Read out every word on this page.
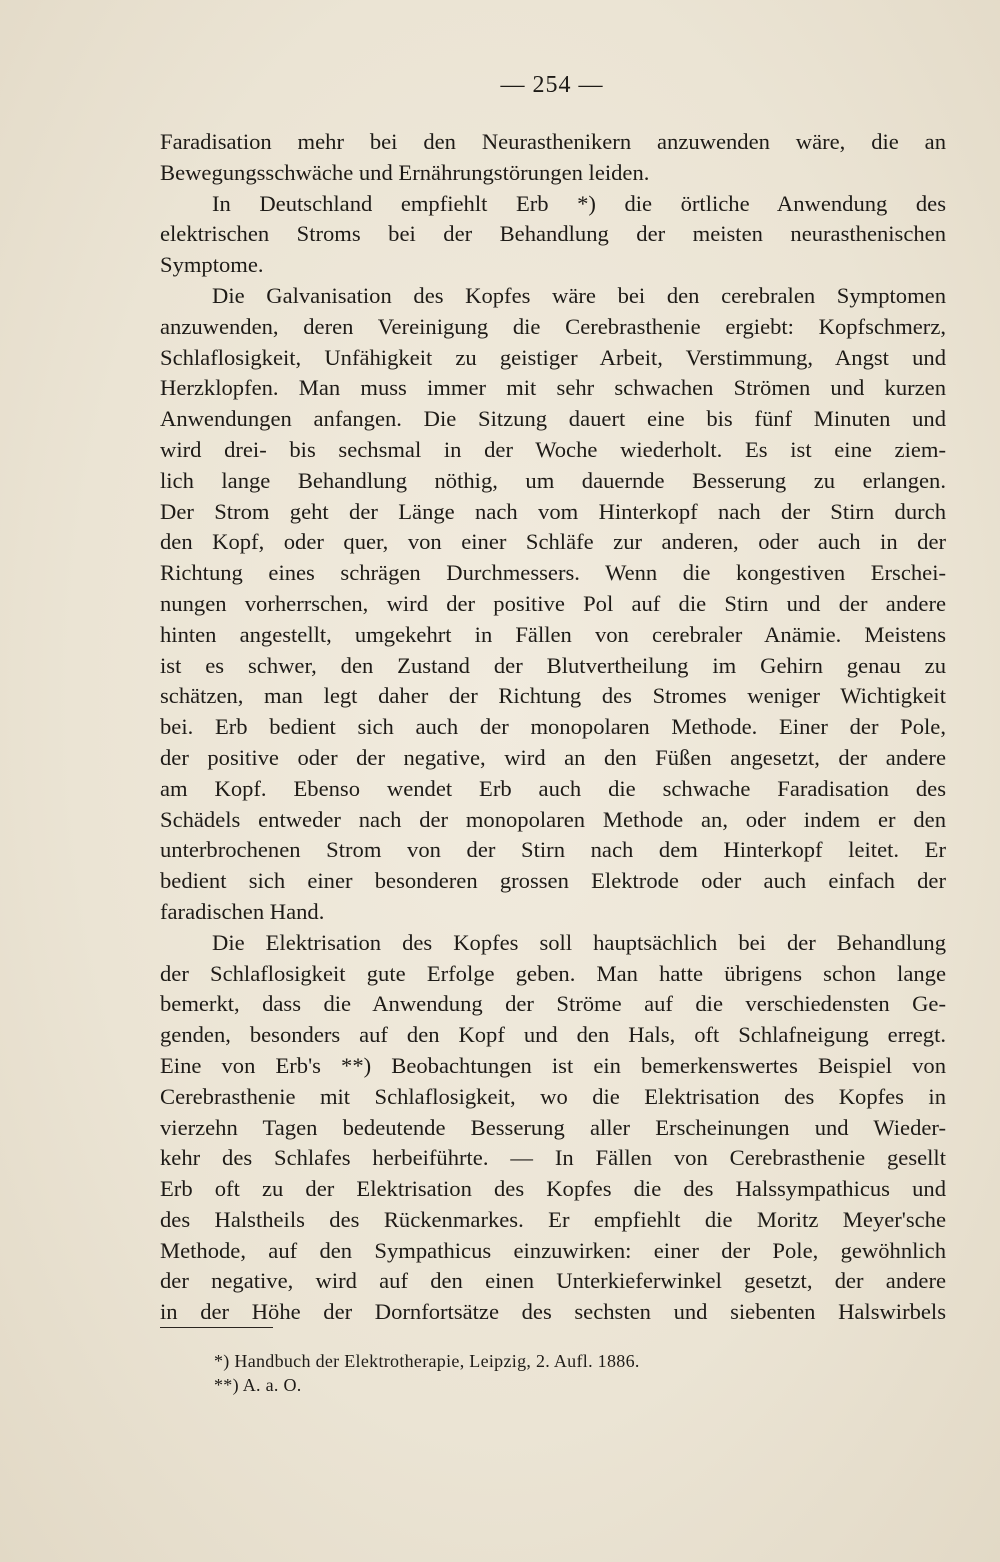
— 254 —
Faradisation mehr bei den Neurasthenikern anzuwenden wäre, die an
Bewegungsschwäche und Ernährungstörungen leiden.
In Deutschland empfiehlt Erb *) die örtliche Anwendung des
elektrischen Stroms bei der Behandlung der meisten neurasthenischen
Symptome.
Die Galvanisation des Kopfes wäre bei den cerebralen Symptomen
anzuwenden, deren Vereinigung die Cerebrasthenie ergiebt: Kopfschmerz,
Schlaflosigkeit, Unfähigkeit zu geistiger Arbeit, Verstimmung, Angst und
Herzklopfen. Man muss immer mit sehr schwachen Strömen und kurzen
Anwendungen anfangen. Die Sitzung dauert eine bis fünf Minuten und
wird drei- bis sechsmal in der Woche wiederholt. Es ist eine ziem-
lich lange Behandlung nöthig, um dauernde Besserung zu erlangen.
Der Strom geht der Länge nach vom Hinterkopf nach der Stirn durch
den Kopf, oder quer, von einer Schläfe zur anderen, oder auch in der
Richtung eines schrägen Durchmessers. Wenn die kongestiven Erschei-
nungen vorherrschen, wird der positive Pol auf die Stirn und der andere
hinten angestellt, umgekehrt in Fällen von cerebraler Anämie. Meistens
ist es schwer, den Zustand der Blutvertheilung im Gehirn genau zu
schätzen, man legt daher der Richtung des Stromes weniger Wichtigkeit
bei. Erb bedient sich auch der monopolaren Methode. Einer der Pole,
der positive oder der negative, wird an den Füßen angesetzt, der andere
am Kopf. Ebenso wendet Erb auch die schwache Faradisation des
Schädels entweder nach der monopolaren Methode an, oder indem er den
unterbrochenen Strom von der Stirn nach dem Hinterkopf leitet. Er
bedient sich einer besonderen grossen Elektrode oder auch einfach der
faradischen Hand.
Die Elektrisation des Kopfes soll hauptsächlich bei der Behandlung
der Schlaflosigkeit gute Erfolge geben. Man hatte übrigens schon lange
bemerkt, dass die Anwendung der Ströme auf die verschiedensten Ge-
genden, besonders auf den Kopf und den Hals, oft Schlafneigung erregt.
Eine von Erb's **) Beobachtungen ist ein bemerkenswertes Beispiel von
Cerebrasthenie mit Schlaflosigkeit, wo die Elektrisation des Kopfes in
vierzehn Tagen bedeutende Besserung aller Erscheinungen und Wieder-
kehr des Schlafes herbeiführte. — In Fällen von Cerebrasthenie gesellt
Erb oft zu der Elektrisation des Kopfes die des Halssympathicus und
des Halstheils des Rückenmarkes. Er empfiehlt die Moritz Meyer'sche
Methode, auf den Sympathicus einzuwirken: einer der Pole, gewöhnlich
der negative, wird auf den einen Unterkieferwinkel gesetzt, der andere
in der Höhe der Dornfortsätze des sechsten und siebenten Halswirbels
*) Handbuch der Elektrotherapie, Leipzig, 2. Aufl. 1886.
**) A. a. O.
